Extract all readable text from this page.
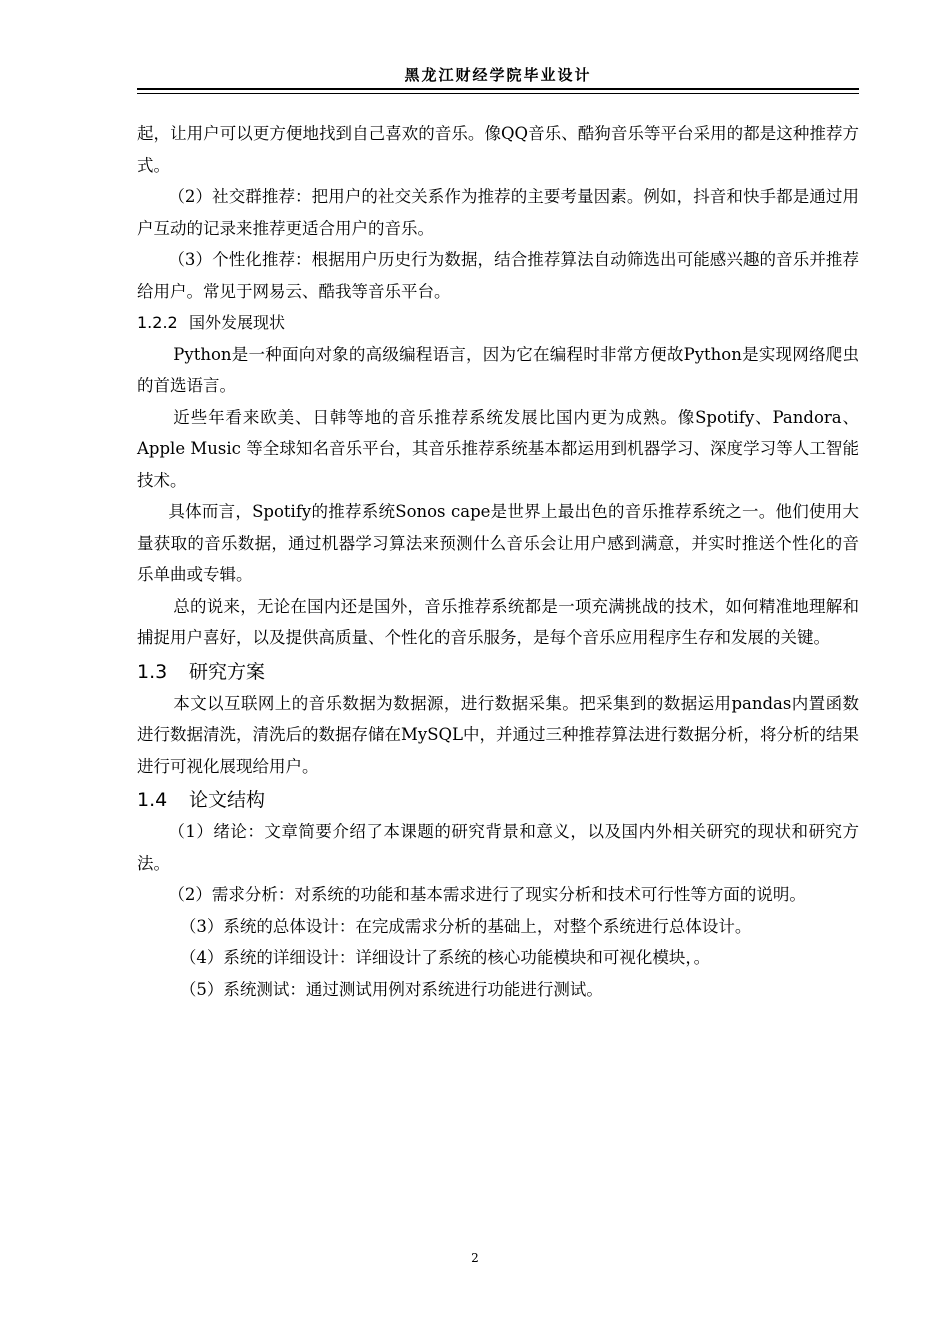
黑龙江财经学院毕业设计

起，让用户可以更方便地找到自己喜欢的音乐。像QQ音乐、酷狗音乐等平台采用的都是这种推荐方式。

（2）社交群推荐：把用户的社交关系作为推荐的主要考量因素。例如，抖音和快手都是通过用户互动的记录来推荐更适合用户的音乐。

（3）个性化推荐：根据用户历史行为数据，结合推荐算法自动筛选出可能感兴趣的音乐并推荐给用户。常见于网易云、酷我等音乐平台。

1.2.2 国外发展现状

Python是一种面向对象的高级编程语言，因为它在编程时非常方便故Python是实现网络爬虫的首选语言。

近些年看来欧美、日韩等地的音乐推荐系统发展比国内更为成熟。像Spotify、Pandora、Apple Music 等全球知名音乐平台，其音乐推荐系统基本都运用到机器学习、深度学习等人工智能技术。

具体而言，Spotify的推荐系统Sonos cape是世界上最出色的音乐推荐系统之一。他们使用大量获取的音乐数据，通过机器学习算法来预测什么音乐会让用户感到满意，并实时推送个性化的音乐单曲或专辑。

总的说来，无论在国内还是国外，音乐推荐系统都是一项充满挑战的技术，如何精准地理解和捕捉用户喜好，以及提供高质量、个性化的音乐服务，是每个音乐应用程序生存和发展的关键。

1.3 研究方案

本文以互联网上的音乐数据为数据源，进行数据采集。把采集到的数据运用pandas内置函数进行数据清洗，清洗后的数据存储在MySQL中，并通过三种推荐算法进行数据分析，将分析的结果进行可视化展现给用户。

1.4 论文结构

（1）绪论：文章简要介绍了本课题的研究背景和意义，以及国内外相关研究的现状和研究方法。

（2）需求分析：对系统的功能和基本需求进行了现实分析和技术可行性等方面的说明。

（3）系统的总体设计：在完成需求分析的基础上，对整个系统进行总体设计。

（4）系统的详细设计：详细设计了系统的核心功能模块和可视化模块，。

（5）系统测试：通过测试用例对系统进行功能进行测试。

2
